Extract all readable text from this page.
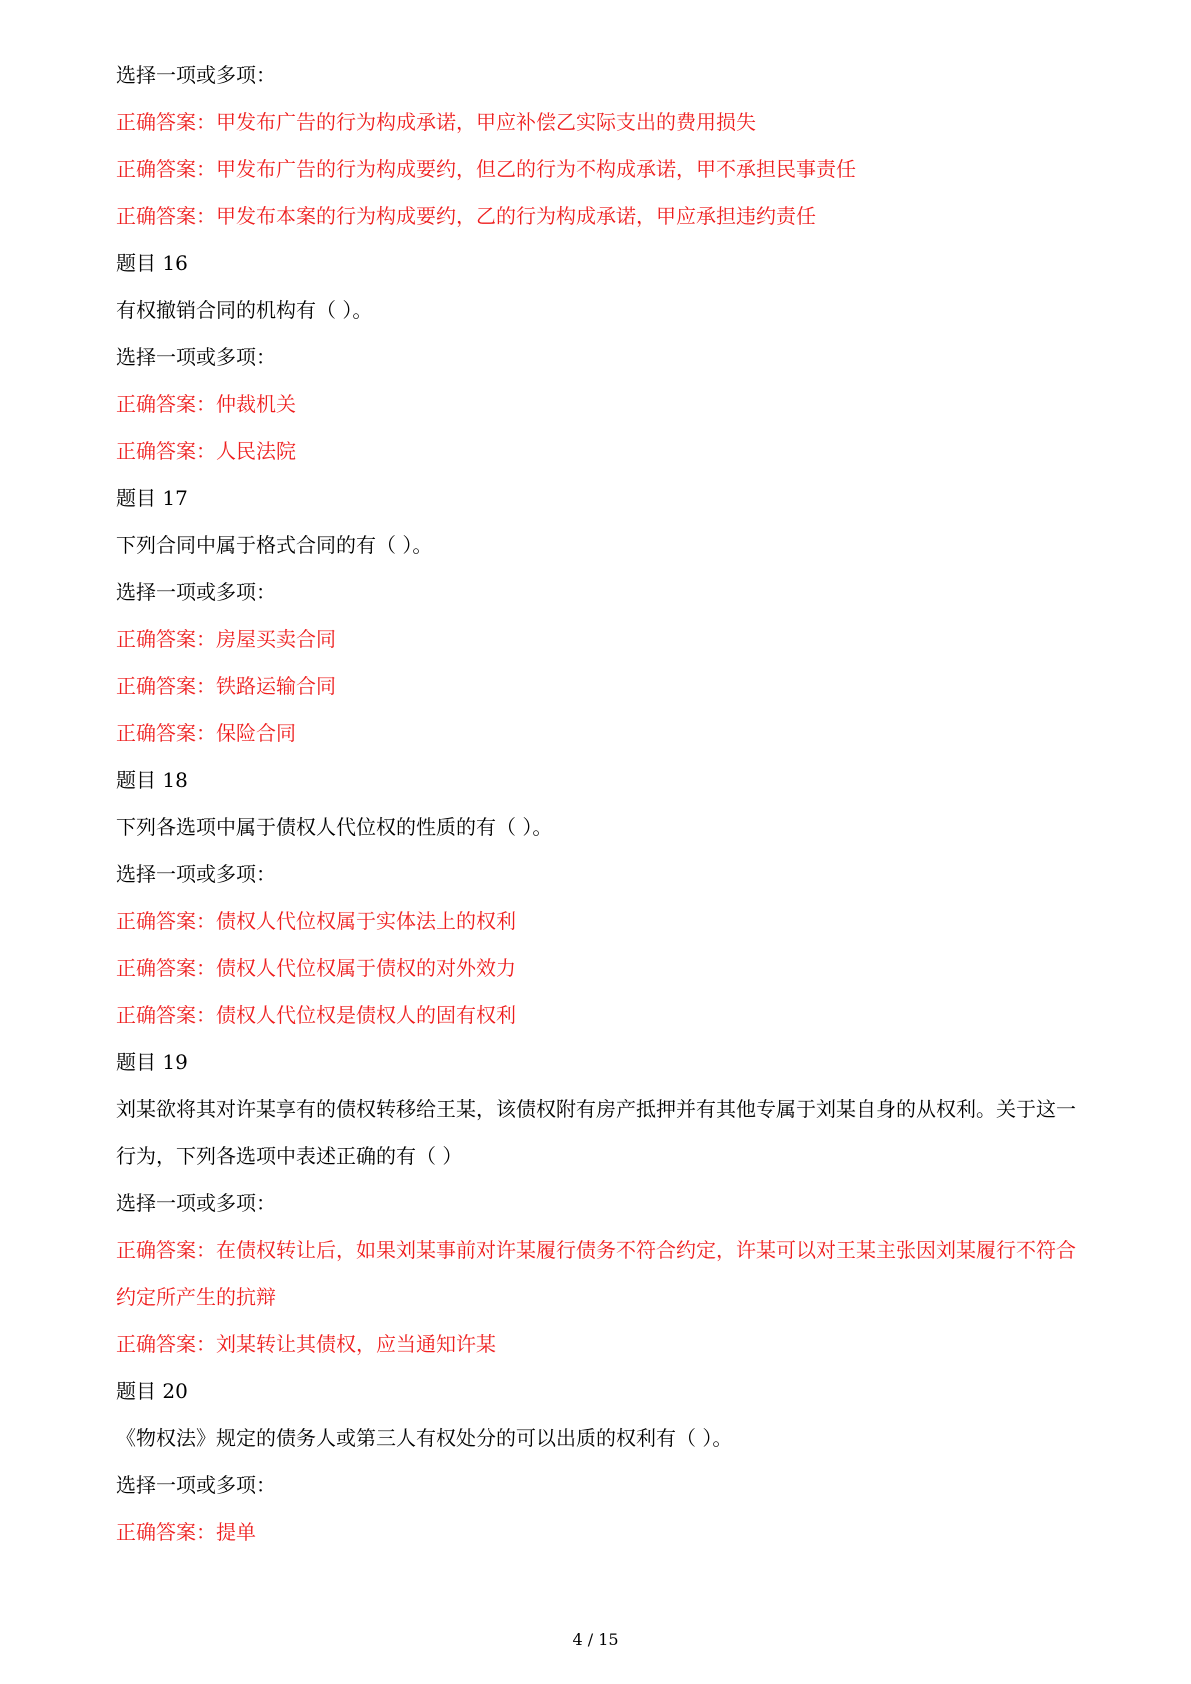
选择一项或多项：
正确答案：甲发布广告的行为构成承诺，甲应补偿乙实际支出的费用损失
正确答案：甲发布广告的行为构成要约，但乙的行为不构成承诺，甲不承担民事责任
正确答案：甲发布本案的行为构成要约，乙的行为构成承诺，甲应承担违约责任
题目 16
有权撤销合同的机构有（ ）。
选择一项或多项：
正确答案：仲裁机关
正确答案：人民法院
题目 17
下列合同中属于格式合同的有（ ）。
选择一项或多项：
正确答案：房屋买卖合同
正确答案：铁路运输合同
正确答案：保险合同
题目 18
下列各选项中属于债权人代位权的性质的有（ ）。
选择一项或多项：
正确答案：债权人代位权属于实体法上的权利
正确答案：债权人代位权属于债权的对外效力
正确答案：债权人代位权是债权人的固有权利
题目 19
刘某欲将其对许某享有的债权转移给王某，该债权附有房产抵押并有其他专属于刘某自身的从权利。关于这一行为，下列各选项中表述正确的有（ ）
选择一项或多项：
正确答案：在债权转让后，如果刘某事前对许某履行债务不符合约定，许某可以对王某主张因刘某履行不符合约定所产生的抗辩
正确答案：刘某转让其债权，应当通知许某
题目 20
《物权法》规定的债务人或第三人有权处分的可以出质的权利有（ ）。
选择一项或多项：
正确答案：提单
4 / 15
